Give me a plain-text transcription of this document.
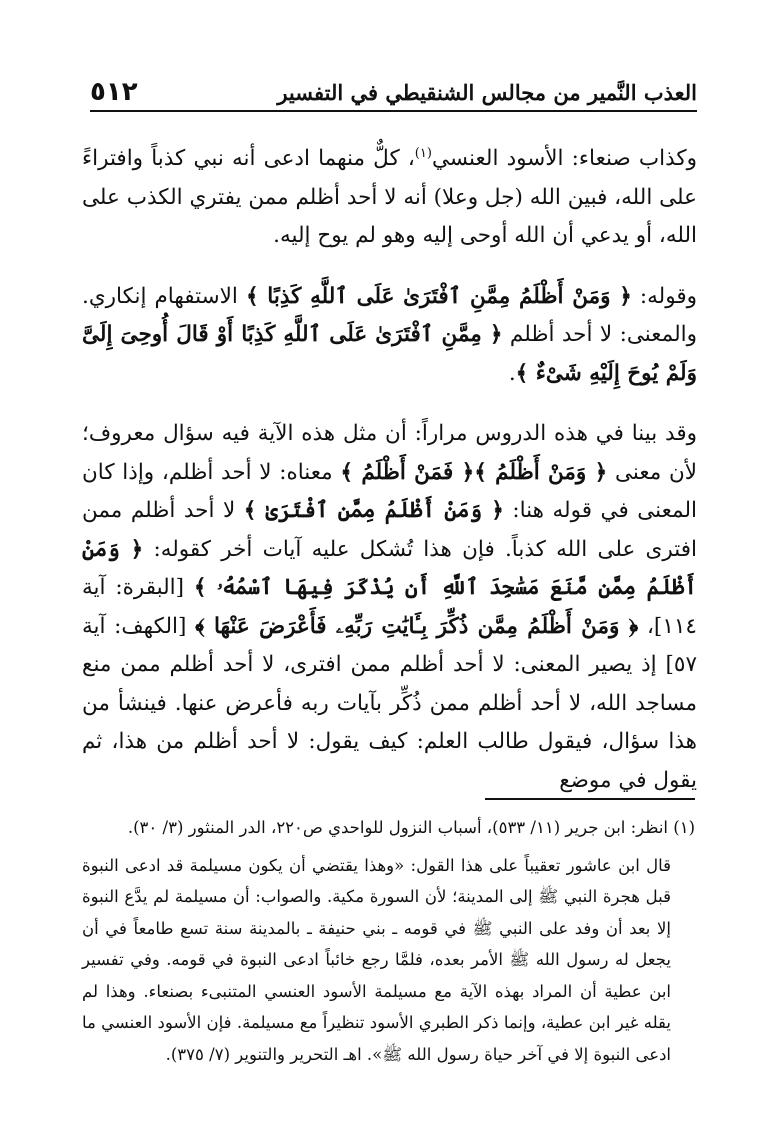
العذب النَّمير من مجالس الشنقيطي في التفسير
٥١٢

وكذاب صنعاء: الأسود العنسي$^{(١)}$، كلٌّ منهما ادعى أنه نبي كذباً وافتراءً على الله، فبين الله (جل وعلا) أنه لا أحد أظلم ممن يفتري الكذب على الله، أو يدعي أن الله أوحى إليه وهو لم يوح إليه.

وقوله: ﴿ وَمَنْ أَظْلَمُ مِمَّنِ ٱفْتَرَىٰ عَلَى ٱللَّهِ كَذِبًا ﴾ الاستفهام إنكاري. والمعنى: لا أحد أظلم ﴿ مِمَّنِ ٱفْتَرَىٰ عَلَى ٱللَّهِ كَذِبًا أَوْ قَالَ أُوحِىَ إِلَىَّ وَلَمْ يُوحَ إِلَيْهِ شَىْءٌ ﴾.

وقد بينا في هذه الدروس مراراً: أن مثل هذه الآية فيه سؤال معروف؛ لأن معنى ﴿ وَمَنْ أَظْلَمُ ﴾﴿ فَمَنْ أَظْلَمُ ﴾ معناه: لا أحد أظلم، وإذا كان المعنى في قوله هنا: ﴿ وَمَنْ أَظْلَمُ مِمَّنِ ٱفْتَرَىٰ ﴾ لا أحد أظلم ممن افترى على الله كذباً. فإن هذا تُشكل عليه آيات أخر كقوله: ﴿ وَمَنْ أَظْلَمُ مِمَّن مَّنَعَ مَسَٰجِدَ ٱللَّهِ أَن يُذْكَرَ فِيهَا ٱسْمُهُۥ ﴾ [البقرة: آية ١١٤]، ﴿ وَمَنْ أَظْلَمُ مِمَّن ذُكِّرَ بِـَٔايَٰتِ رَبِّهِۦ فَأَعْرَضَ عَنْهَا ﴾ [الكهف: آية ٥٧] إذ يصير المعنى: لا أحد أظلم ممن افترى، لا أحد أظلم ممن منع مساجد الله، لا أحد أظلم ممن ذُكِّر بآيات ربه فأعرض عنها. فينشأ من هذا سؤال، فيقول طالب العلم: كيف يقول: لا أحد أظلم من هذا، ثم يقول في موضع

(١) انظر: ابن جرير (١١/ ٥٣٣)، أسباب النزول للواحدي ص٢٢٠، الدر المنثور (٣/ ٣٠).

قال ابن عاشور تعقيباً على هذا القول: «وهذا يقتضي أن يكون مسيلمة قد ادعى النبوة قبل هجرة النبي ﷺ إلى المدينة؛ لأن السورة مكية. والصواب: أن مسيلمة لم يدَّع النبوة إلا بعد أن وفد على النبي ﷺ في قومه ـ بني حنيفة ـ بالمدينة سنة تسع طامعاً في أن يجعل له رسول الله ﷺ الأمر بعده، فلمَّا رجع خائباً ادعى النبوة في قومه. وفي تفسير ابن عطية أن المراد بهذه الآية مع مسيلمة الأسود العنسي المتنبىء بصنعاء. وهذا لم يقله غير ابن عطية، وإنما ذكر الطبري الأسود تنظيراً مع مسيلمة. فإن الأسود العنسي ما ادعى النبوة إلا في آخر حياة رسول الله ﷺ». اهـ التحرير والتنوير (٧/ ٣٧٥).
